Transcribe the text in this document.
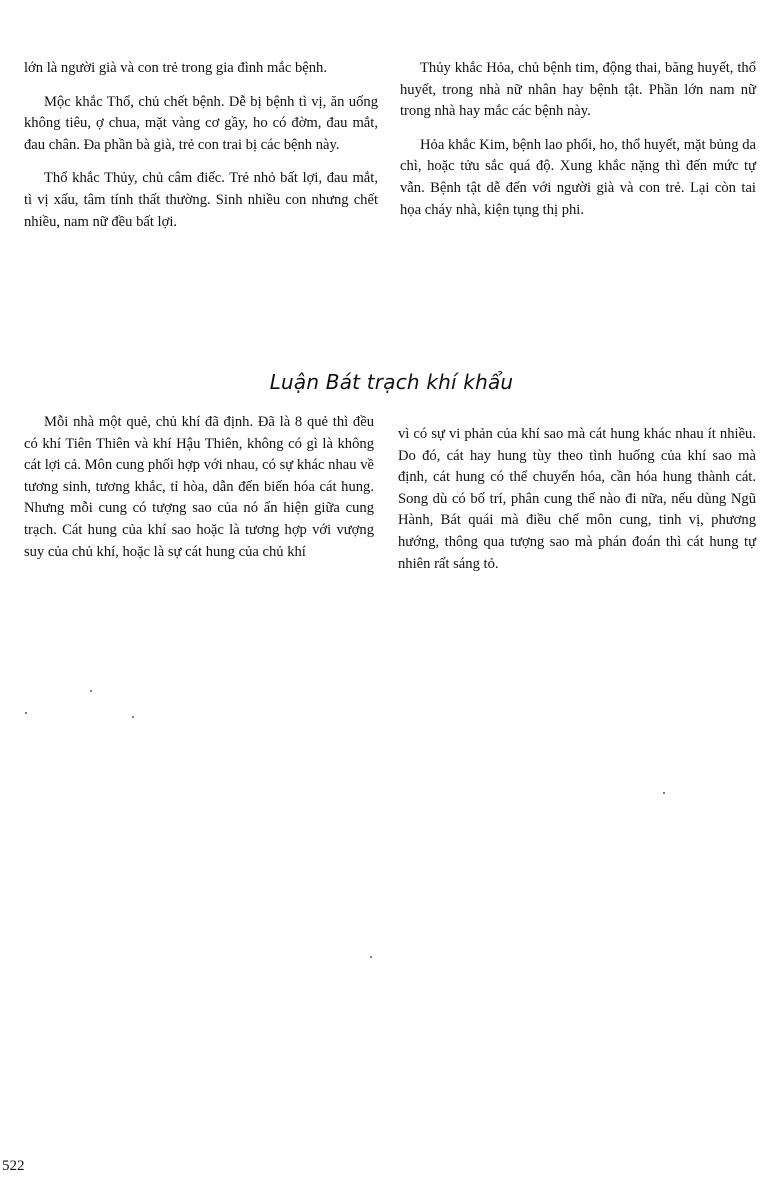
lớn là người già và con trẻ trong gia đình mắc bệnh.

Mộc khắc Thổ, chủ chết bệnh. Dễ bị bệnh tì vị, ăn uống không tiêu, ợ chua, mặt vàng cơ gầy, ho có đờm, đau mắt, đau chân. Đa phần bà già, trẻ con trai bị các bệnh này.

Thổ khắc Thủy, chủ câm điếc. Trẻ nhỏ bất lợi, đau mắt, tì vị xấu, tâm tính thất thường. Sinh nhiều con nhưng chết nhiều, nam nữ đều bất lợi.

Thủy khắc Hỏa, chủ bệnh tim, động thai, băng huyết, thổ huyết, trong nhà nữ nhân hay bệnh tật. Phần lớn nam nữ trong nhà hay mắc các bệnh này.

Hỏa khắc Kim, bệnh lao phổi, ho, thổ huyết, mặt bủng da chì, hoặc tửu sắc quá độ. Xung khắc nặng thì đến mức tự vẫn. Bệnh tật dễ đến với người già và con trẻ. Lại còn tai họa cháy nhà, kiện tụng thị phi.

Luận Bát trạch khí khẩu

Mỗi nhà một quẻ, chủ khí đã định. Đã là 8 quẻ thì đều có khí Tiên Thiên và khí Hậu Thiên, không có gì là không cát lợi cả. Môn cung phối hợp với nhau, có sự khác nhau về tương sinh, tương khắc, tỉ hòa, dẫn đến biến hóa cát hung. Nhưng mỗi cung có tượng sao của nó ẩn hiện giữa cung trạch. Cát hung của khí sao hoặc là tương hợp với vượng suy của chủ khí, hoặc là sự cát hung của chủ khí

vì có sự vi phản của khí sao mà cát hung khác nhau ít nhiều. Do đó, cát hay hung tùy theo tình huống của khí sao mà định, cát hung có thể chuyển hóa, cần hóa hung thành cát. Song dù có bố trí, phân cung thế nào đi nữa, nếu dùng Ngũ Hành, Bát quái mà điều chế môn cung, tinh vị, phương hướng, thông qua tượng sao mà phán đoán thì cát hung tự nhiên rất sáng tỏ.

522
